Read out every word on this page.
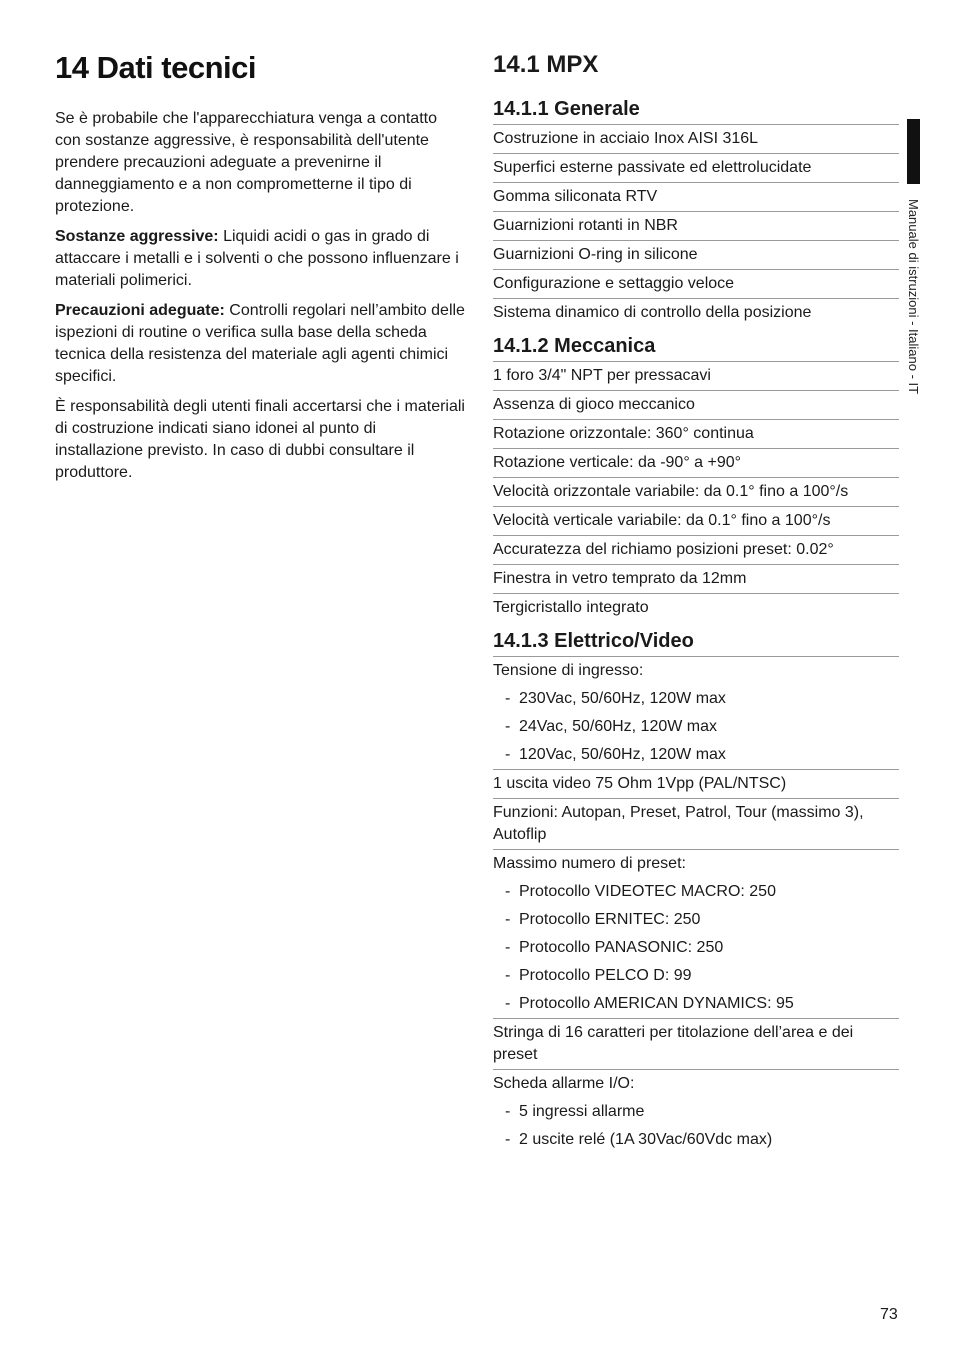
14 Dati tecnici

Se è probabile che l'apparecchiatura venga a contatto con sostanze aggressive, è responsabilità dell'utente prendere precauzioni adeguate a prevenirne il danneggiamento e a non comprometterne il tipo di protezione.

Sostanze aggressive: Liquidi acidi o gas in grado di attaccare i metalli e i solventi o che possono influenzare i materiali polimerici.

Precauzioni adeguate: Controlli regolari nell’ambito delle ispezioni di routine o verifica sulla base della scheda tecnica della resistenza del materiale agli agenti chimici specifici.

È responsabilità degli utenti finali accertarsi che i materiali di costruzione indicati siano idonei al punto di installazione previsto. In caso di dubbi consultare il produttore.

14.1 MPX
14.1.1 Generale
Costruzione in acciaio Inox AISI 316L
Superfici esterne passivate ed elettrolucidate
Gomma siliconata RTV
Guarnizioni rotanti in NBR
Guarnizioni O-ring in silicone
Configurazione e settaggio veloce
Sistema dinamico di controllo della posizione
14.1.2 Meccanica
1 foro 3/4" NPT per pressacavi
Assenza di gioco meccanico
Rotazione orizzontale: 360° continua
Rotazione verticale: da -90° a +90°
Velocità orizzontale variabile: da 0.1° fino a 100°/s
Velocità verticale variabile: da 0.1° fino a 100°/s
Accuratezza del richiamo posizioni preset: 0.02°
Finestra in vetro temprato da 12mm
Tergicristallo integrato
14.1.3 Elettrico/Video
Tensione di ingresso:
- 230Vac, 50/60Hz, 120W max
- 24Vac, 50/60Hz, 120W max
- 120Vac, 50/60Hz, 120W max
1 uscita video 75 Ohm 1Vpp (PAL/NTSC)
Funzioni: Autopan, Preset, Patrol, Tour (massimo 3), Autoflip
Massimo numero di preset:
- Protocollo VIDEOTEC MACRO: 250
- Protocollo ERNITEC: 250
- Protocollo PANASONIC: 250
- Protocollo PELCO D: 99
- Protocollo AMERICAN DYNAMICS: 95
Stringa di 16 caratteri per titolazione dell’area e dei preset
Scheda allarme I/O:
- 5 ingressi allarme
- 2 uscite relé (1A 30Vac/60Vdc max)
Manuale di istruzioni - Italiano - IT
73
